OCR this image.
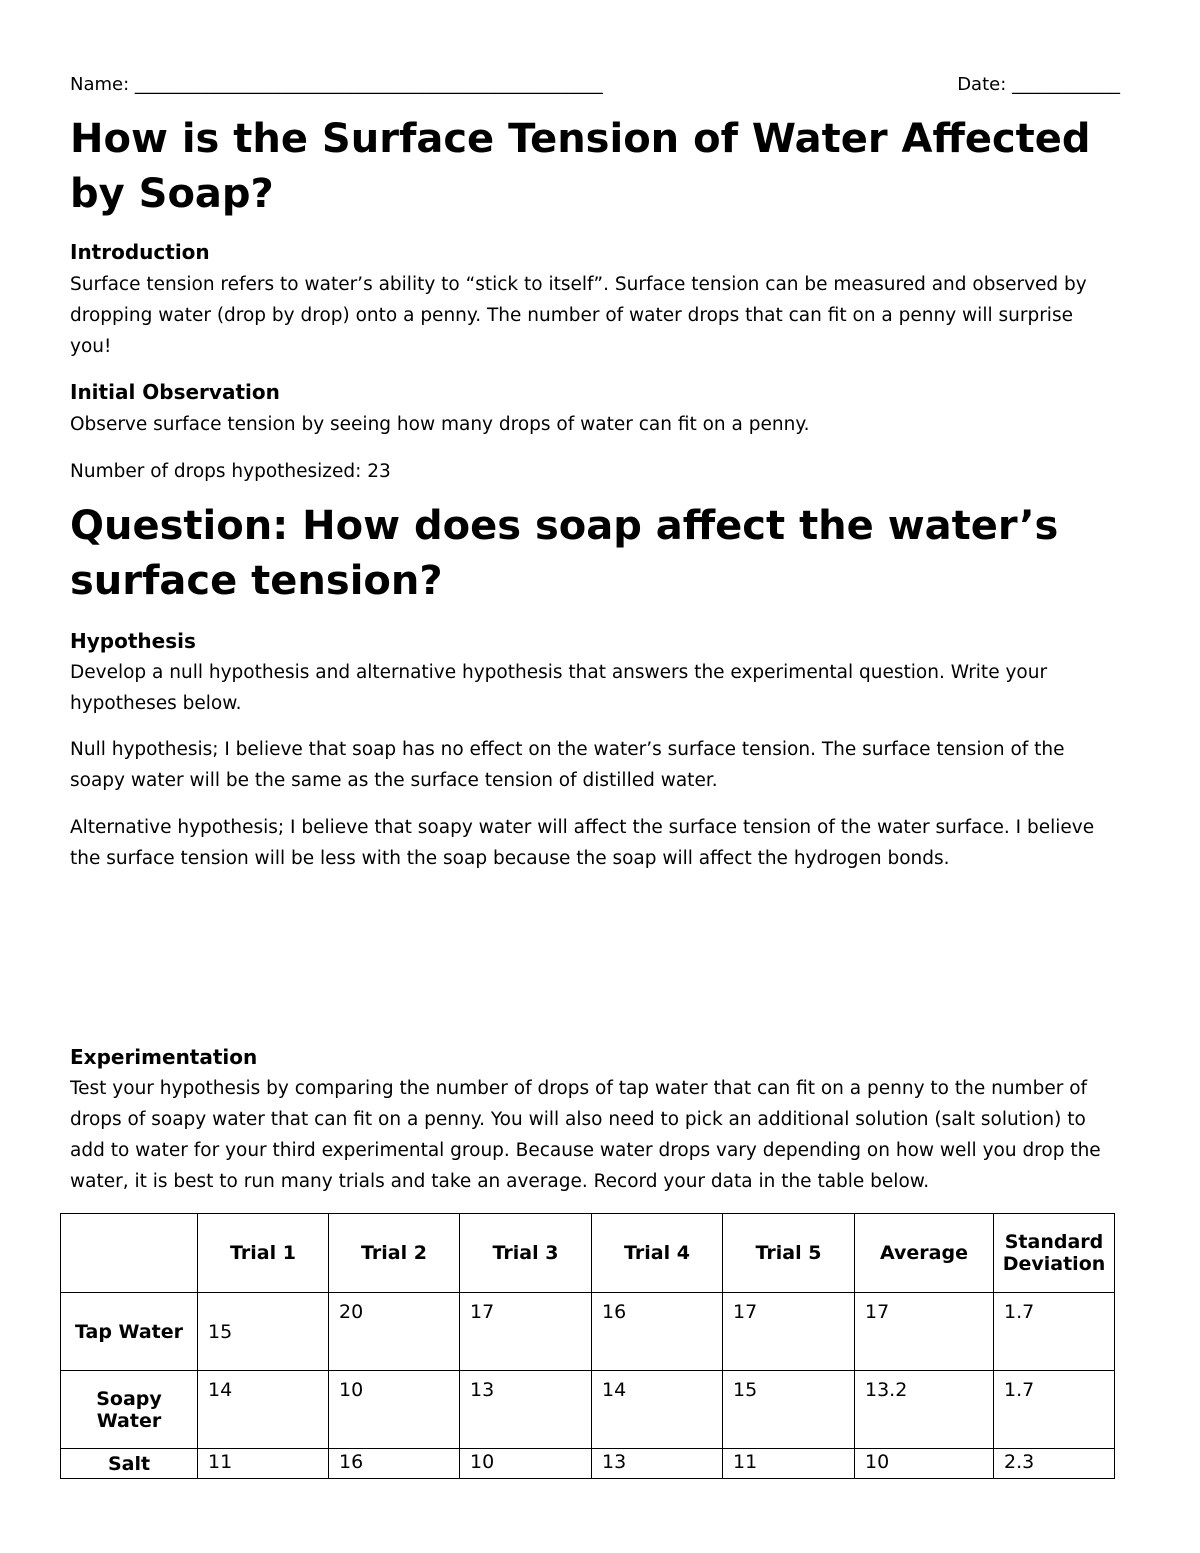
Name: ____________________________________________________	Date: ____________
How is the Surface Tension of Water Affected by Soap?
Introduction

Surface tension refers to water’s ability to “stick to itself”. Surface tension can be measured and observed by dropping water (drop by drop) onto a penny. The number of water drops that can fit on a penny will surprise you!

Initial Observation

Observe surface tension by seeing how many drops of water can fit on a penny.

Number of drops hypothesized: 23

Question: How does soap affect the water’s surface tension?
Hypothesis

Develop a null hypothesis and alternative hypothesis that answers the experimental question. Write your hypotheses below.

Null hypothesis; I believe that soap has no effect on the water’s surface tension. The surface tension of the soapy water will be the same as the surface tension of distilled water.

Alternative hypothesis; I believe that soapy water will affect the surface tension of the water surface. I believe the surface tension will be less with the soap because the soap will affect the hydrogen bonds.

Experimentation

Test your hypothesis by comparing the number of drops of tap water that can fit on a penny to the number of drops of soapy water that can fit on a penny. You will also need to pick an additional solution (salt solution) to add to water for your third experimental group. Because water drops vary depending on how well you drop the water, it is best to run many trials and take an average. Record your data in the table below.

	Trial 1	Trial 2	Trial 3	Trial 4	Trial 5	Average	Standard Deviation
Tap Water	15	20	17	16	17	17	1.7
Soapy Water	14	10	13	14	15	13.2	1.7
Salt	11	16	10	13	11	10	2.3
